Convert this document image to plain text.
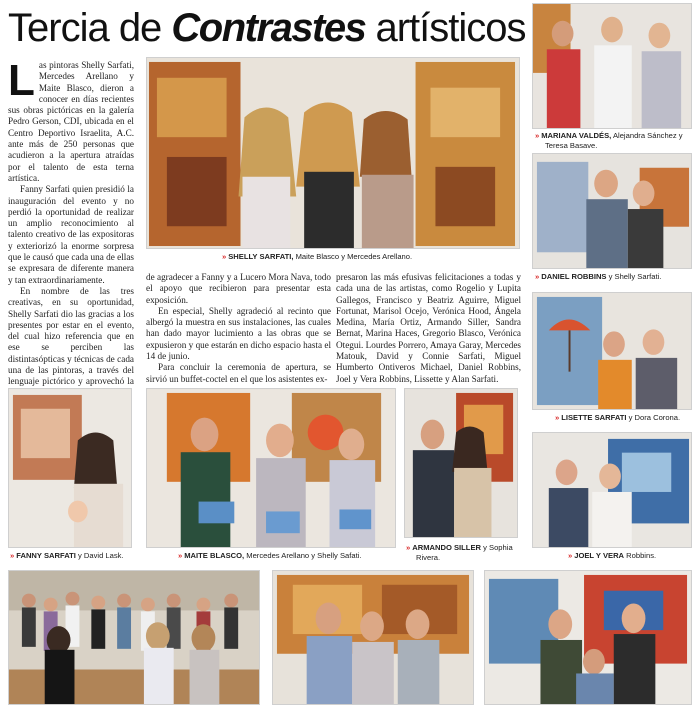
Tercia de Contrastes artísticos

Las pintoras Shelly Sarfati, Mercedes Arellano y Maite Blasco, dieron a conocer en días recientes sus obras pictóricas en la galería Pedro Gerson, CDI, ubicada en el Centro Deportivo Israelita, A.C. ante más de 250 personas que acudieron a la apertura atraídas por el talento de esta terna artística.

Fanny Sarfati quien presidió la inauguración del evento y no perdió la oportunidad de realizar un amplio reconocimiento al talento creativo de las expositoras y exteriorizó la enorme sorpresa que le causó que cada una de ellas se expresara de diferente manera y tan extraordinariamente.

En nombre de las tres creativas, en su oportunidad, Shelly Sarfati dio las gracias a los presentes por estar en el evento, del cual hizo referencia que en ese se perciben las distintasópticas y técnicas de cada una de las pintoras, a través del lenguaje pictórico y aprovechó la

de agradecer a Fanny y a Lucero Mora Nava, todo el apoyo que recibieron para presentar esta exposición.

En especial, Shelly agradeció al recinto que albergó la muestra en sus instalaciones, las cuales han dado mayor lucimiento a las obras que se expusieron y que estarán en dicho espacio hasta el 14 de junio.

Para concluir la ceremonia de apertura, se sirvió un buffet-coctel en el que los asistentes ex-

presaron las más efusivas felicitaciones a todas y cada una de las artistas, como Rogelio y Lupita Gallegos, Francisco y Beatriz Aguirre, Miguel Fortunat, Marisol Ocejo, Verónica Hood, Ángela Medina, María Ortiz, Armando Siller, Sandra Bernat, Marina Haces, Gregorio Blasco, Verónica Otegui. Lourdes Porrero, Amaya Garay, Mercedes Matouk, David y Connie Sarfati, Miguel Humberto Ontiveros Michael, Daniel Robbins, Joel y Vera Robbins, Lissette y Alan Sarfati.

» SHELLY SARFATI, Maite Blasco y Mercedes Arellano.
» MARIANA VALDÉS, Alejandra Sánchez y
Teresa Basave.
» DANIEL ROBBINS y Shelly Sarfati.
» LISETTE SARFATI y Dora Corona.
» JOEL Y VERA Robbins.
» FANNY SARFATI y David Lask.	» MAITE BLASCO, Mercedes Arellano y Shelly Safati.
» ARMANDO SILLER y Sophia
Rivera.
